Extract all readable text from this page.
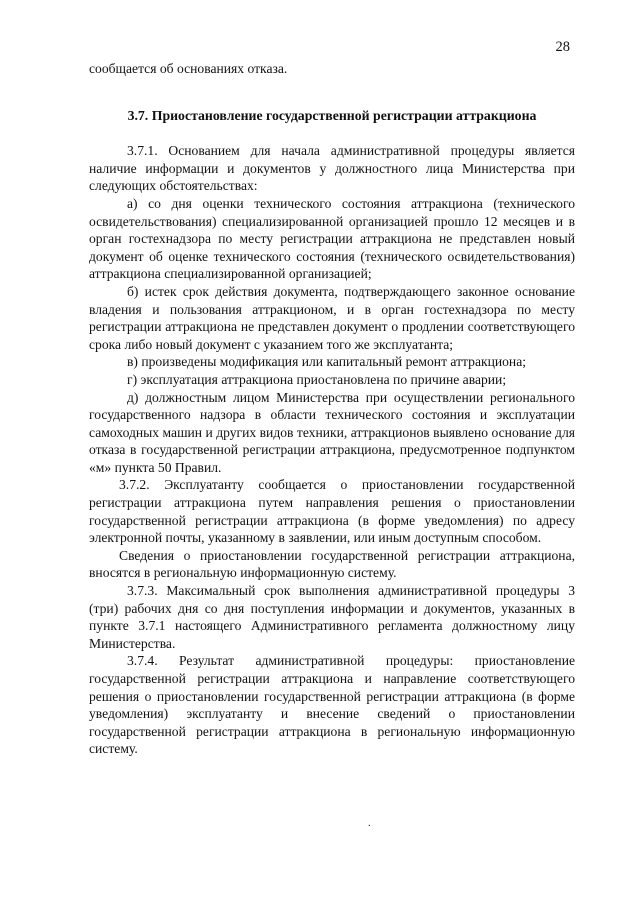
28

сообщается об основаниях отказа.

3.7. Приостановление государственной регистрации аттракциона

3.7.1. Основанием для начала административной процедуры является наличие информации и документов у должностного лица Министерства при следующих обстоятельствах:

а) со дня оценки технического состояния аттракциона (технического освидетельствования) специализированной организацией прошло 12 месяцев и в орган гостехнадзора по месту регистрации аттракциона не представлен новый документ об оценке технического состояния (технического освидетельствования) аттракциона специализированной организацией;

б) истек срок действия документа, подтверждающего законное основание владения и пользования аттракционом, и в орган гостехнадзора по месту регистрации аттракциона не представлен документ о продлении соответствующего срока либо новый документ с указанием того же эксплуатанта;

в) произведены модификация или капитальный ремонт аттракциона;

г) эксплуатация аттракциона приостановлена по причине аварии;

д) должностным лицом Министерства при осуществлении регионального государственного надзора в области технического состояния и эксплуатации самоходных машин и других видов техники, аттракционов выявлено основание для отказа в государственной регистрации аттракциона, предусмотренное подпунктом «м» пункта 50 Правил.

3.7.2. Эксплуатанту сообщается о приостановлении государственной регистрации аттракциона путем направления решения о приостановлении государственной регистрации аттракциона (в форме уведомления) по адресу электронной почты, указанному в заявлении, или иным доступным способом.

Сведения о приостановлении государственной регистрации аттракциона, вносятся в региональную информационную систему.

3.7.3. Максимальный срок выполнения административной процедуры 3 (три) рабочих дня со дня поступления информации и документов, указанных в пункте 3.7.1 настоящего Административного регламента должностному лицу Министерства.

3.7.4. Результат административной процедуры: приостановление государственной регистрации аттракциона и направление соответствующего решения о приостановлении государственной регистрации аттракциона (в форме уведомления) эксплуатанту и внесение сведений о приостановлении государственной регистрации аттракциона в региональную информационную систему.

.
